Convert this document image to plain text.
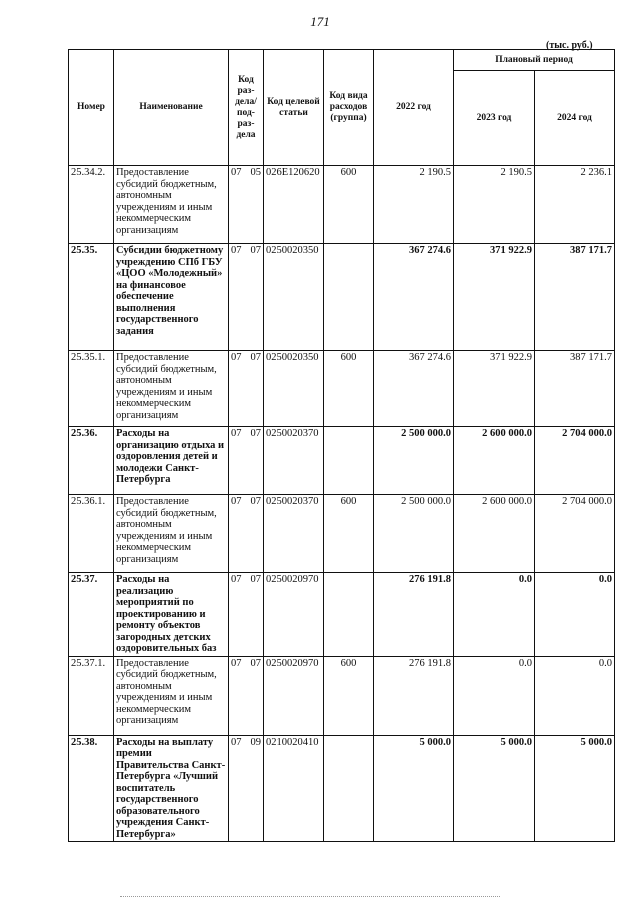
171
(тыс. руб.)
Номер	Наименование	Код раз-дела/ под-раз-дела	Код целевой статьи	Код вида расходов (группа)	2022 год	Плановый период	
						2023 год	2024 год
25.34.2.	Предоставление субсидий бюджетным, автономным учреждениям и иным некоммерческим организациям	07 05	026E120620	600	2 190.5	2 190.5	2 236.1
25.35.	Субсидии бюджетному учреждению СПб ГБУ «ЦОО «Молодежный» на финансовое обеспечение выполнения государственного задания	07 07	0250020350		367 274.6	371 922.9	387 171.7
25.35.1.	Предоставление субсидий бюджетным, автономным учреждениям и иным некоммерческим организациям	07 07	0250020350	600	367 274.6	371 922.9	387 171.7
25.36.	Расходы на организацию отдыха и оздоровления детей и молодежи Санкт-Петербурга	07 07	0250020370		2 500 000.0	2 600 000.0	2 704 000.0
25.36.1.	Предоставление субсидий бюджетным, автономным учреждениям и иным некоммерческим организациям	07 07	0250020370	600	2 500 000.0	2 600 000.0	2 704 000.0
25.37.	Расходы на реализацию мероприятий по проектированию и ремонту объектов загородных детских оздоровительных баз	07 07	0250020970		276 191.8	0.0	0.0
25.37.1.	Предоставление субсидий бюджетным, автономным учреждениям и иным некоммерческим организациям	07 07	0250020970	600	276 191.8	0.0	0.0
25.38.	Расходы на выплату премии Правительства Санкт-Петербурга «Лучший воспитатель государственного образовательного учреждения Санкт-Петербурга»	07 09	0210020410		5 000.0	5 000.0	5 000.0
